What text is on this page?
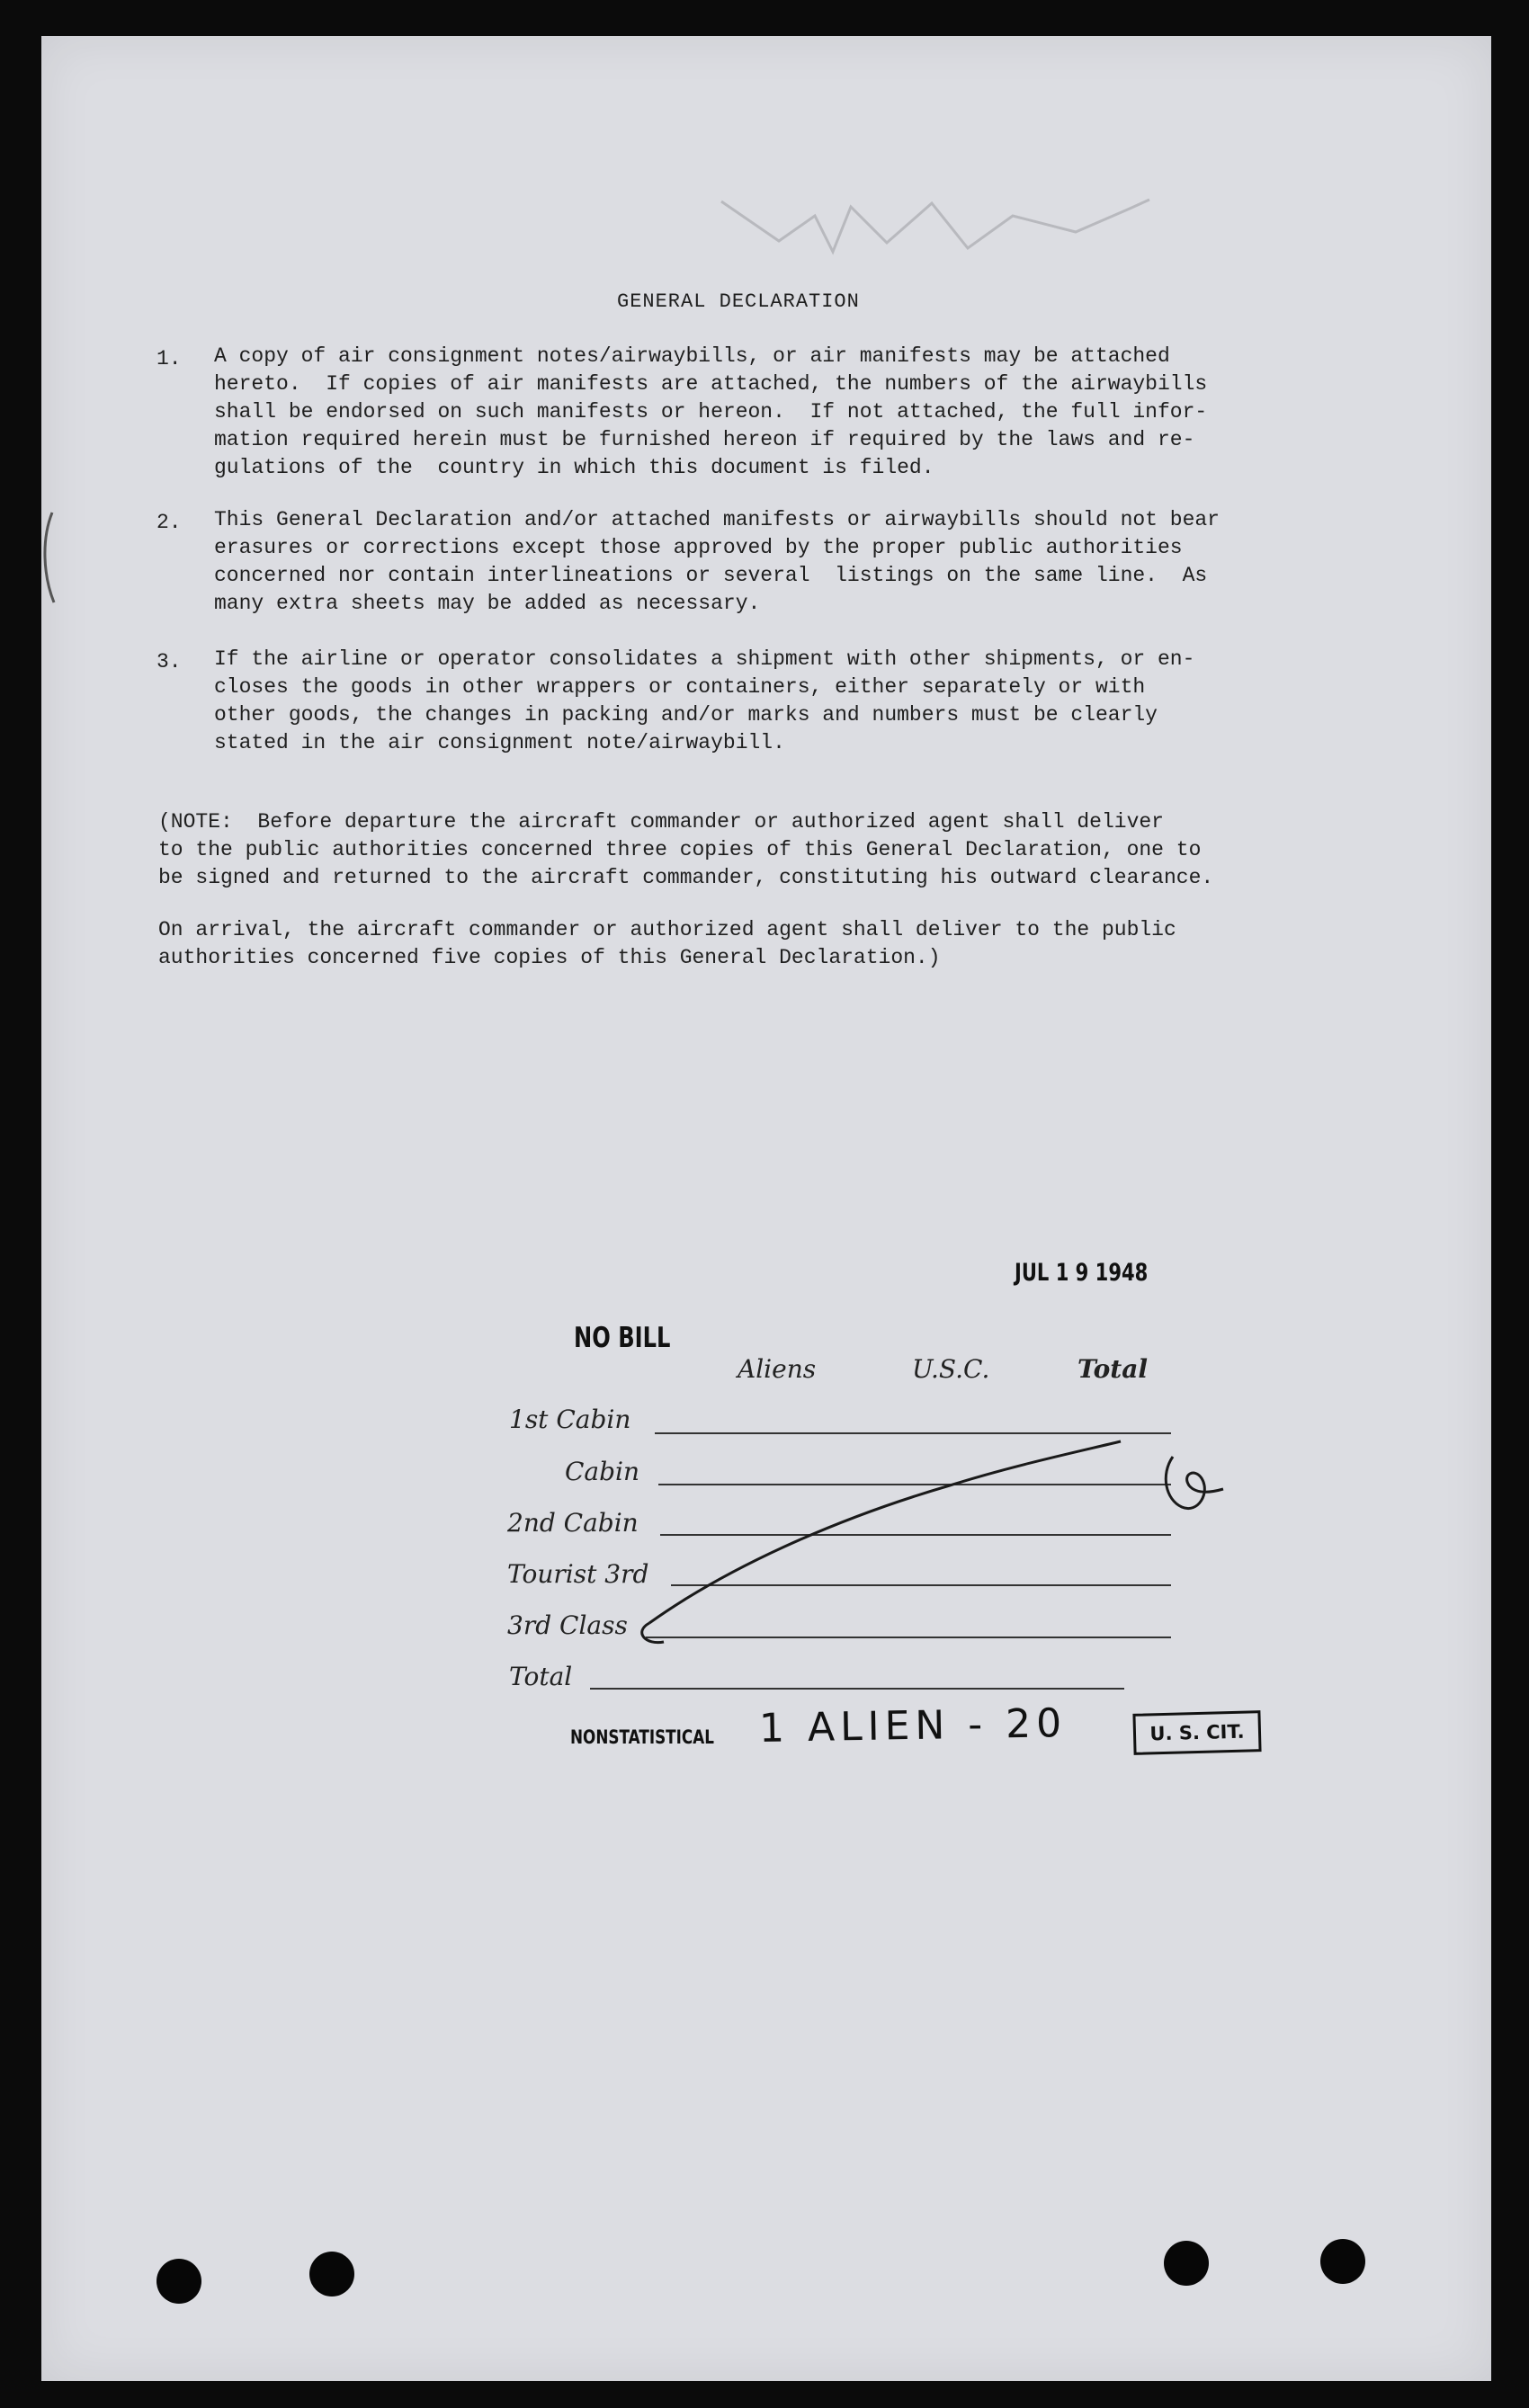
GENERAL DECLARATION
1. A copy of air consignment notes/airwaybills, or air manifests may be attached
hereto.  If copies of air manifests are attached, the numbers of the airwaybills
shall be endorsed on such manifests or hereon.  If not attached, the full infor-
mation required herein must be furnished hereon if required by the laws and re-
gulations of the  country in which this document is filed.
2. This General Declaration and/or attached manifests or airwaybills should not bear
erasures or corrections except those approved by the proper public authorities
concerned nor contain interlineations or several  listings on the same line.  As
many extra sheets may be added as necessary.
3. If the airline or operator consolidates a shipment with other shipments, or en-
closes the goods in other wrappers or containers, either separately or with
other goods, the changes in packing and/or marks and numbers must be clearly
stated in the air consignment note/airwaybill.
(NOTE:  Before departure the aircraft commander or authorized agent shall deliver
to the public authorities concerned three copies of this General Declaration, one to
be signed and returned to the aircraft commander, constituting his outward clearance.
On arrival, the aircraft commander or authorized agent shall deliver to the public
authorities concerned five copies of this General Declaration.)
JUL 1 9 1948
NO BILL
Aliens	U.S.C.	Total
1st Cabin
Cabin
2nd Cabin
Tourist 3rd
3rd Class
Total
NONSTATISTICAL 1 ALIEN - 20	U. S. CIT.
